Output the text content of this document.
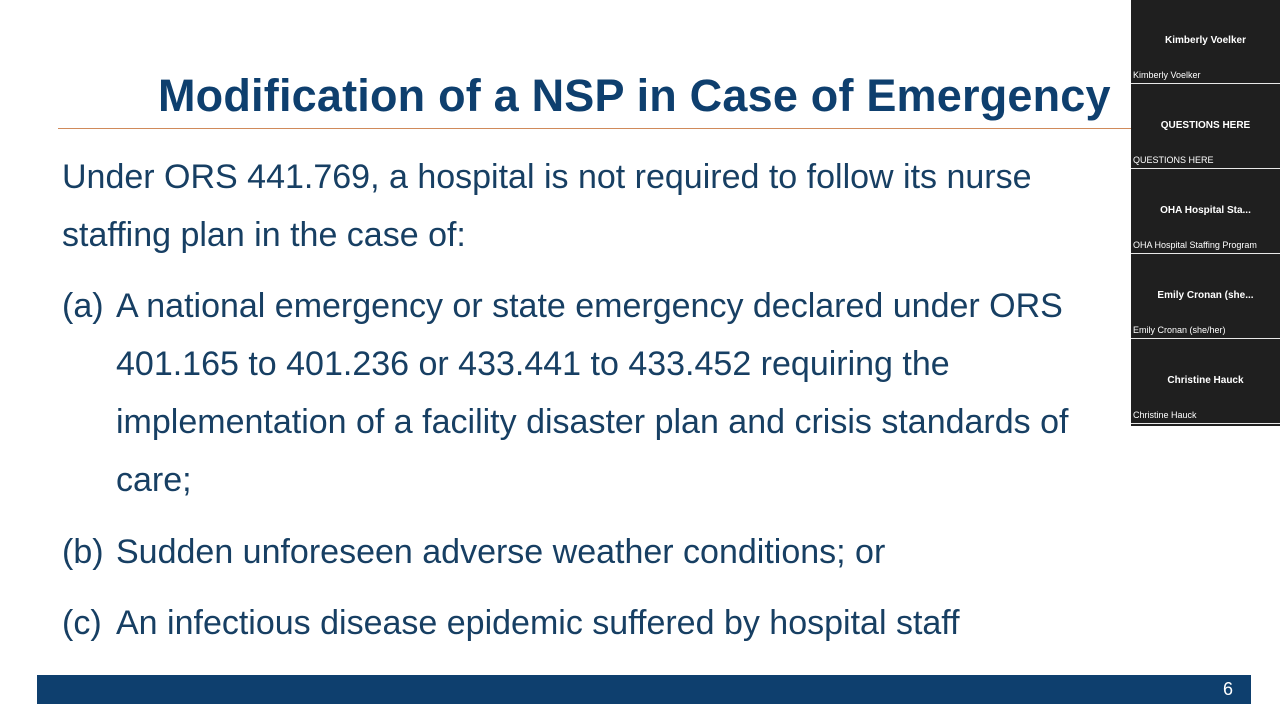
Modification of a NSP in Case of Emergency
Under ORS 441.769, a hospital is not required to follow its nurse
staffing plan in the case of:
(a) A national emergency or state emergency declared under ORS
401.165 to 401.236 or 433.441 to 433.452 requiring the
implementation of a facility disaster plan and crisis standards of
care;
(b) Sudden unforeseen adverse weather conditions; or
(c) An infectious disease epidemic suffered by hospital staff
6
Kimberly Voelker
Kimberly Voelker
QUESTIONS HERE
QUESTIONS HERE
OHA Hospital Sta...
OHA Hospital Staffing Program
Emily Cronan (she...
Emily Cronan (she/her)
Christine Hauck
Christine Hauck
